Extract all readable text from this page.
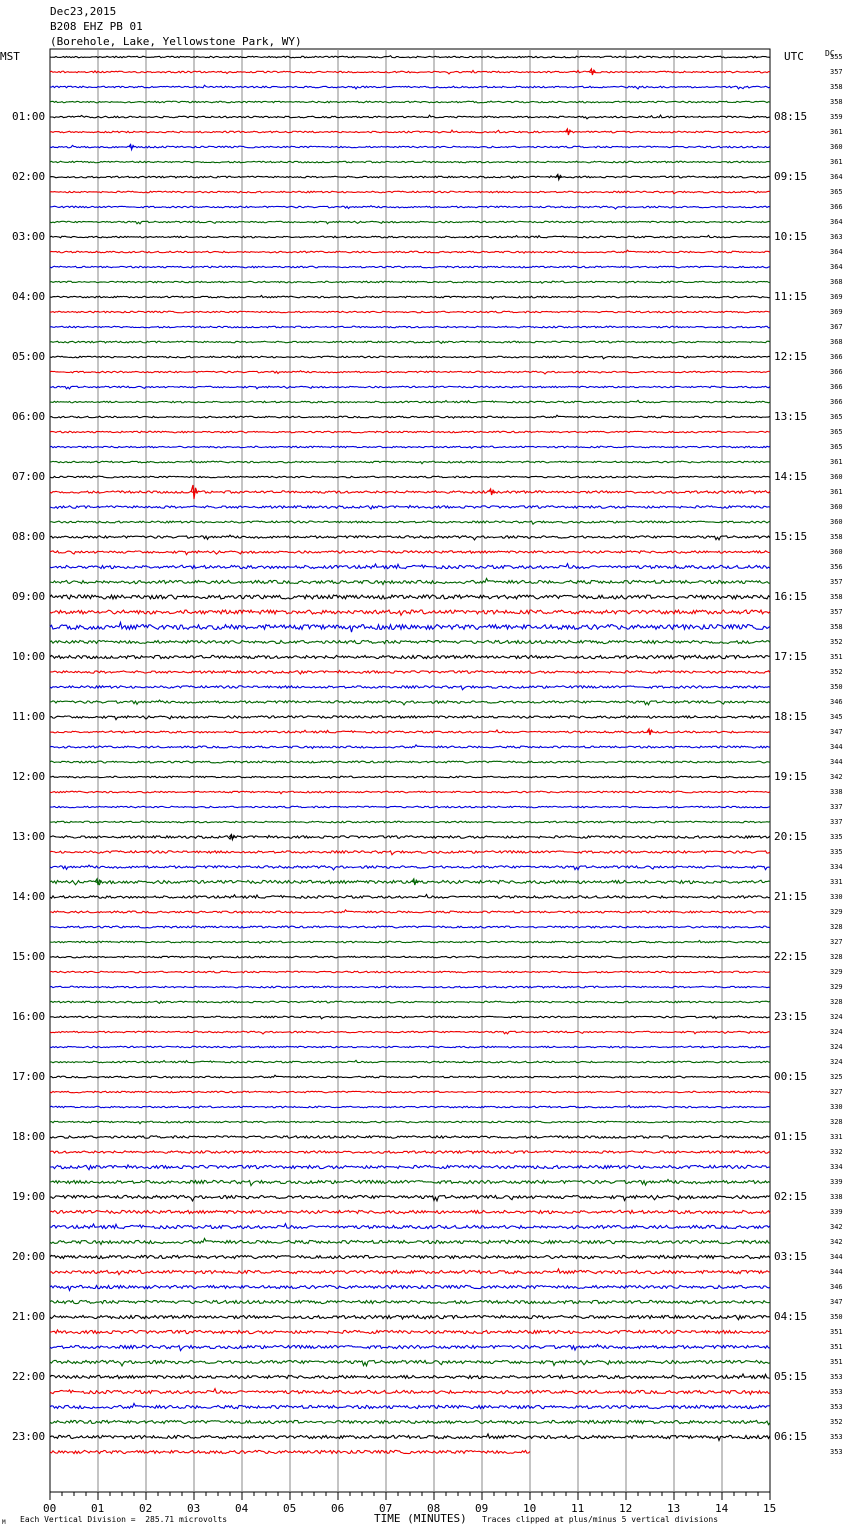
Dec23,2015
B208 EHZ PB 01
(Borehole, Lake, Yellowstone Park, WY)
MST	UTC	DC
00	01	02	03	04	05	06	07	08	09	10	11	12	13	14	15
01:00
02:00
03:00
04:00
05:00
06:00
07:00
08:00
09:00
10:00
11:00
12:00
13:00
14:00
15:00
16:00
17:00
18:00
19:00
20:00
21:00
22:00
23:00
08:15
09:15
10:15
11:15
12:15
13:15
14:15
15:15
16:15
17:15
18:15
19:15
20:15
21:15
22:15
23:15
00:15
01:15
02:15
03:15
04:15
05:15
06:15
355
357
358
358
359
361
360
361
364
365
366
364
363
364
364
368
369
369
367
368
366
366
366
366
365
365
365
361
360
361
360
360
358
360
356
357
358
357
358
352
351
352
350
346
345
347
344
344
342
338
337
337
335
335
334
331
330
329
328
327
328
329
329
328
324
324
324
324
325
327
330
328
331
332
334
339
338
339
342
342
344
344
346
347
350
351
351
351
353
353
353
352
353
353
M Each Vertical Division =  285.71 microvolts	TIME (MINUTES) Traces clipped at plus/minus 5 vertical divisions
